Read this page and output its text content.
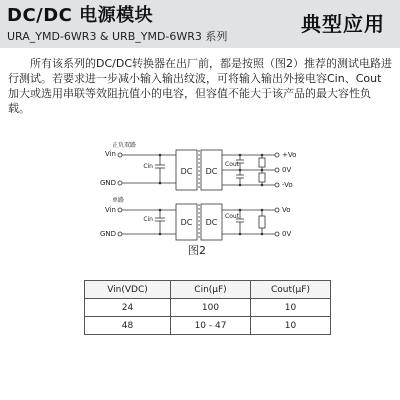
DC/DC 电源模块
URA_YMD-6WR3 & URB_YMD-6WR3 系列
典型应用

所有该系列的DC/DC转换器在出厂前，都是按照（图2）推荐的测试电路进行测试。若要求进一步减小输入输出纹波，可将输入输出外接电容Cin、Cout加大或选用串联等效阻抗值小的电容，但容值不能大于该产品的最大容性负载。

正负双路
Vin
GND
Cin
DC DC
Cout
+Vo
0V
-Vo
单路
Vin
GND
Cin	DC DC
Cout
Vo
0V
图2
Vin(VDC)	Cin(μF)	Cout(μF)
24	100	10
48	10 - 47	10
